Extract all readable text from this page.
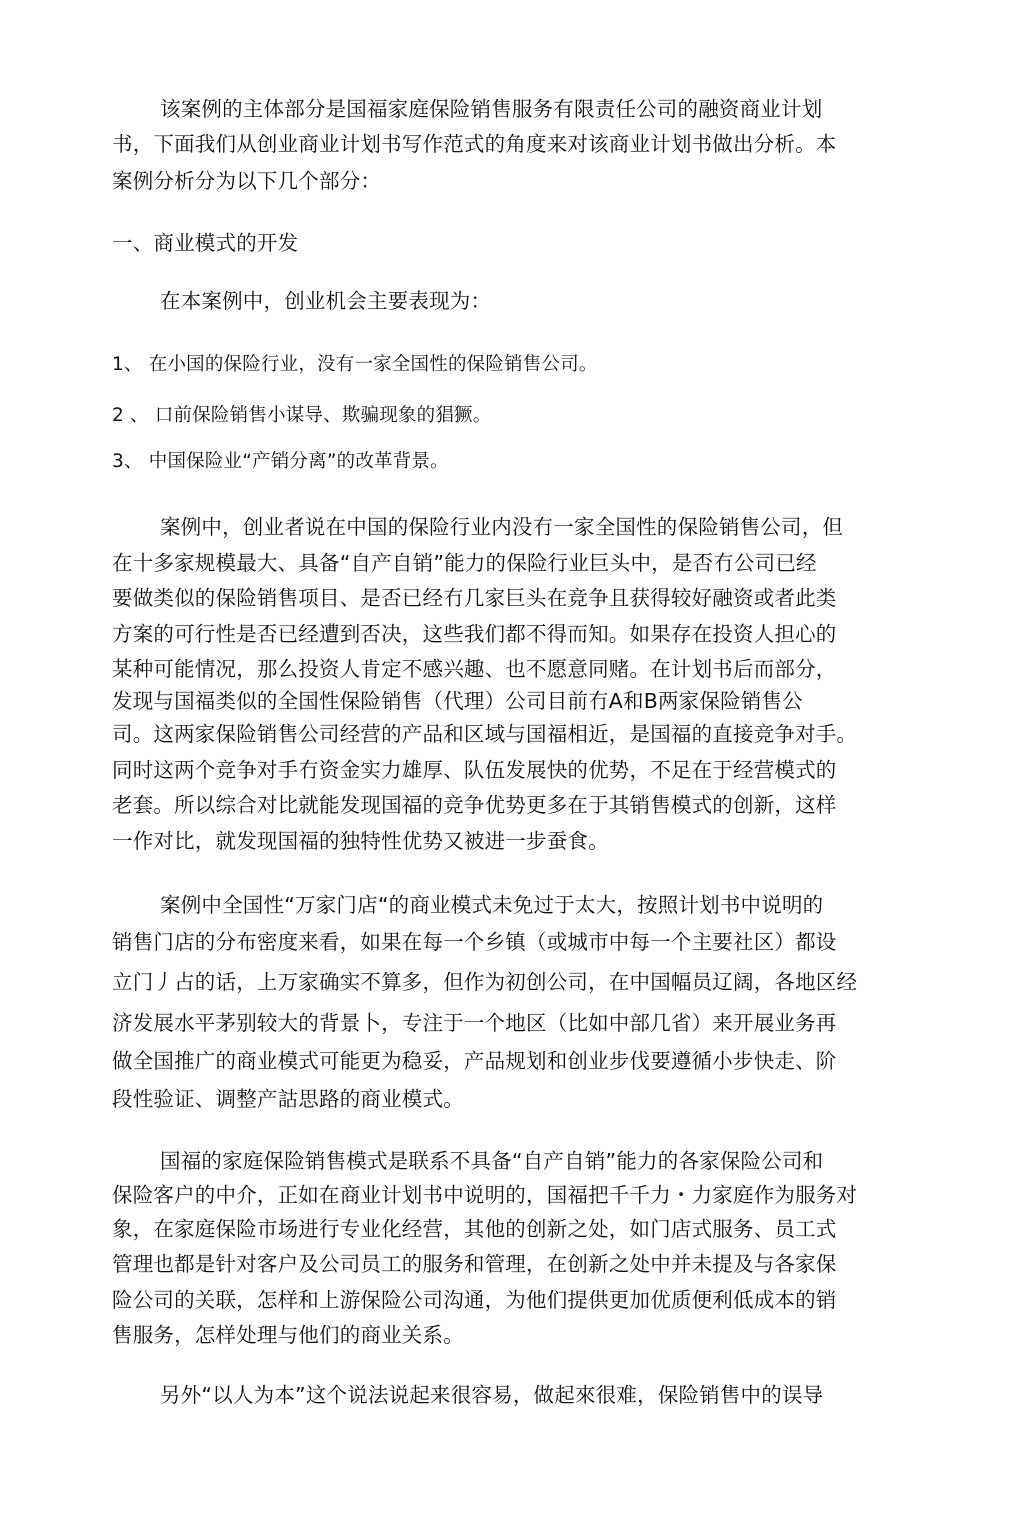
该案例的主体部分是国福家庭保险销售服务有限责任公司的融资商业计划
书，下面我们从创业商业计划书写作范式的角度来对该商业计划书做出分析。本
案例分析分为以下几个部分：
一、商业模式的开发
在本案例中，创业机会主要表现为：
1、 在小国的保险行业，没有一家全国性的保险销售公司。
2 、 口前保险销售小谋导、欺骗现象的猖獗。
3、 中国保险业“产销分离”的改革背景。
案例中，创业者说在中国的保险行业内没冇一家全国性的保险销售公司，但
在十多家规模最大、具备“自产自销”能力的保险行业巨头中，是否冇公司已经
要做类似的保险销售项目、是否已经冇几家巨头在竞争且获得较好融资或者此类
方案的可行性是否已经遭到否决，这些我们都不得而知。如果存在投资人担心的
某种可能情况，那么投资人肯定不感兴趣、也不愿意同赌。在计划书后而部分，
发现与国福类似的全国性保险销售（代理）公司目前冇A和B两家保险销售公
司。这两家保险销售公司经营的产品和区域与国福相近，是国福的直接竞争对手。
同时这两个竞争对手冇资金实力雄厚、队伍发展快的优势，不足在于经营模式的
老套。所以综合对比就能发现国福的竞争优势更多在于其销售模式的创新，这样
一作对比，就发现国福的独特性优势又被进一步蚕食。
案例中全国性“万家门店“的商业模式未免过于太大，按照计划书中说明的
销售门店的分布密度来看，如果在每一个乡镇（或城市中每一个主要社区）都设
立门丿占的话，上万家确实不算多，但作为初创公司，在中国幅员辽阔，各地区经
济发展水平茅别较大的背景卜，专注于一个地区（比如中部几省）来开展业务再
做全国推广的商业模式可能更为稳妥，产品规划和创业步伐要遵循小步快走、阶
段性验证、调整产詁思路的商业模式。
国福的家庭保险销售模式是联系不具备“自产自销”能力的各家保险公司和
保险客户的中介，正如在商业计划书中说明的，国福把千千力・力家庭作为服务对
象，在家庭保险市场进行专业化经营，其他的创新之处，如门店式服务、员工式
管理也都是针对客户及公司员工的服务和管理，在创新之处中并未提及与各家保
险公司的关联，怎样和上游保险公司沟通，为他们提供更加优质便利低成本的销
售服务，怎样处理与他们的商业关系。
另外“以人为本”这个说法说起来很容易，做起來很难，保险销售中的误导
